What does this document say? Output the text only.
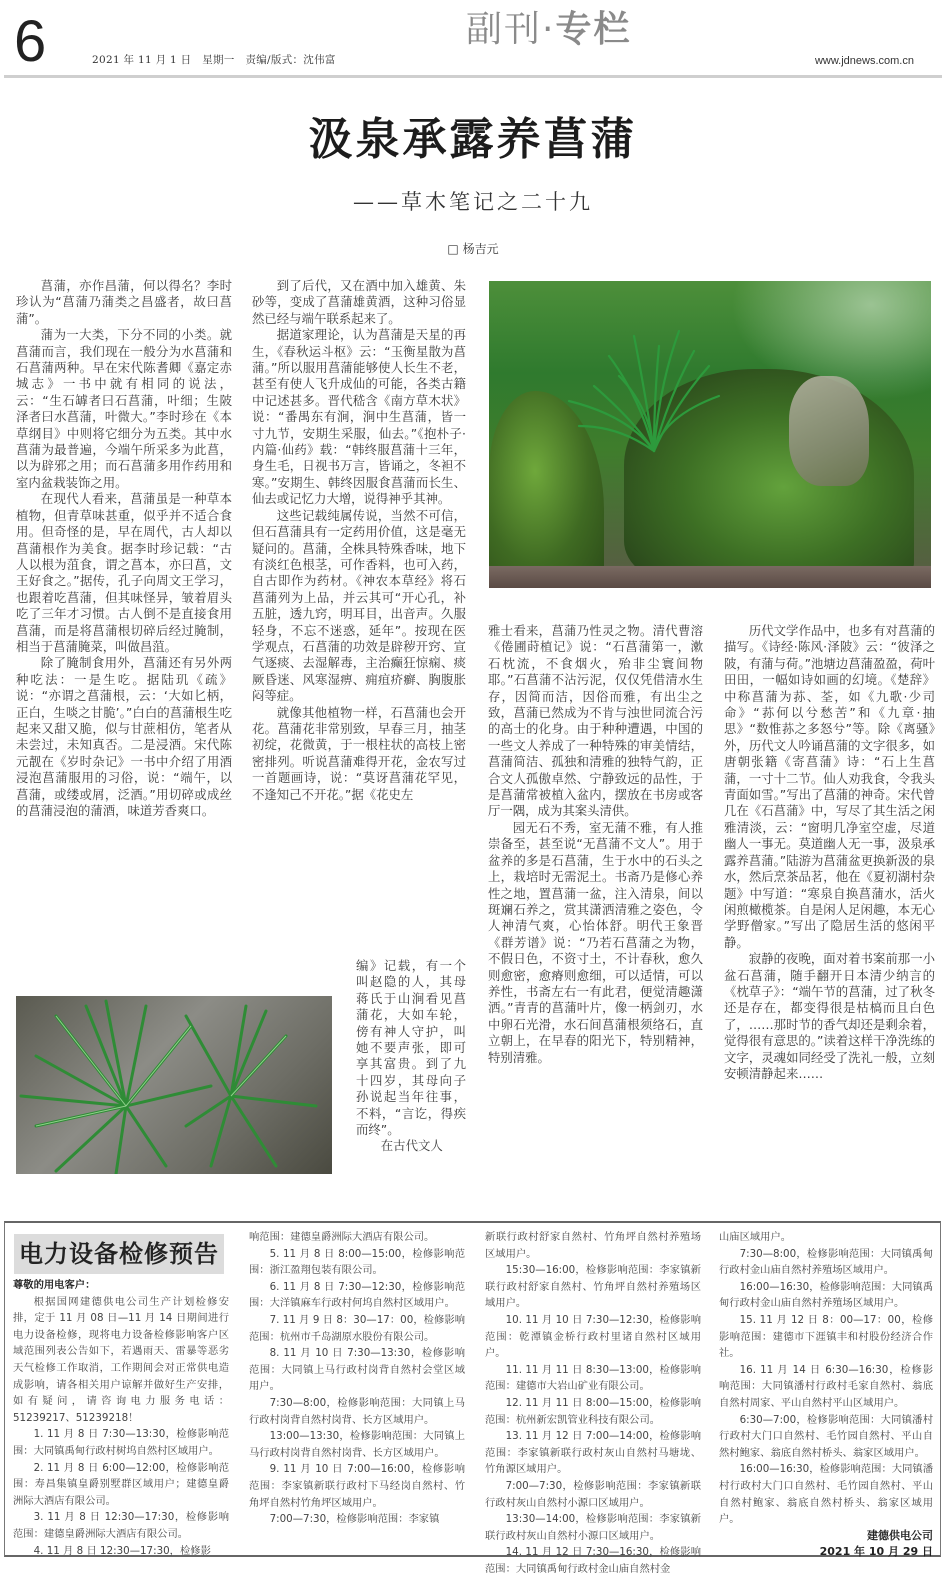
6	2021 年 11 月 1 日　星期一　责编/版式：沈伟富
副刊·专栏
www.jdnews.com.cn
汲泉承露养菖蒲
——草木笔记之二十九
□ 杨吉元

菖蒲，亦作昌蒲，何以得名？李时珍认为“菖蒲乃蒲类之昌盛者，故曰菖蒲”。

蒲为一大类，下分不同的小类。就菖蒲而言，我们现在一般分为水菖蒲和石菖蒲两种。早在宋代陈耆卿《嘉定赤城志》一书中就有相同的说法，云：“生石罅者曰石菖蒲，叶细；生陂泽者曰水菖蒲，叶微大。”李时珍在《本草纲目》中则将它细分为五类。其中水菖蒲为最普遍，今端午所采多为此菖，以为辟邪之用；而石菖蒲多用作药用和室内盆栽装饰之用。

在现代人看来，菖蒲虽是一种草本植物，但青草味甚重，似乎并不适合食用。但奇怪的是，早在周代，古人却以菖蒲根作为美食。据李时珍记载：“古人以根为菹食，谓之菖本，亦曰菖，文王好食之。”据传，孔子向周文王学习，也跟着吃菖蒲，但其味怪异，皱着眉头吃了三年才习惯。古人倒不是直接食用菖蒲，而是将菖蒲根切碎后经过腌制，相当于菖蒲腌菜，叫做昌菹。

除了腌制食用外，菖蒲还有另外两种吃法：一是生吃。据陆玑《疏》说：“亦谓之菖蒲根，云：‘大如匕柄，正白，生啖之甘脆’。”白白的菖蒲根生吃起来又甜又脆，似与甘蔗相仿，笔者从未尝过，未知真否。二是浸酒。宋代陈元靓在《岁时杂记》一书中介绍了用酒浸泡菖蒲服用的习俗，说：“端午，以菖蒲，或缕或屑，泛酒。”用切碎或成丝的菖蒲浸泡的蒲酒，味道芳香爽口。

到了后代，又在酒中加入雄黄、朱砂等，变成了菖蒲雄黄酒，这种习俗显然已经与端午联系起来了。

据道家理论，认为菖蒲是天星的再生，《春秋运斗枢》云：“玉衡星散为菖蒲。”所以服用菖蒲能够使人长生不老，甚至有使人飞升成仙的可能，各类古籍中记述甚多。晋代嵇含《南方草木状》说：“番禺东有涧，涧中生菖蒲，皆一寸九节，安期生采服，仙去。”《抱朴子·内篇·仙药》载：“韩终服菖蒲十三年，身生毛，日视书万言，皆诵之，冬袒不寒。”安期生、韩终因服食菖蒲而长生、仙去或记忆力大增，说得神乎其神。

这些记载纯属传说，当然不可信，但石菖蒲具有一定药用价值，这是毫无疑问的。菖蒲，全株具特殊香味，地下有淡红色根茎，可作香料，也可入药，自古即作为药材。《神农本草经》将石菖蒲列为上品，并云其可“开心孔，补五脏，透九窍，明耳目，出音声。久服轻身，不忘不迷惑，延年”。按现在医学观点，石菖蒲的功效是辟秽开窍、宣气逐痰、去湿解毒，主治癫狂惊痫、痰厥昏迷、风寒湿痹、痈疽疥癣、胸腹胀闷等症。

就像其他植物一样，石菖蒲也会开花。菖蒲花非常别致，早春三月，抽茎初绽，花微黄，于一根柱状的高枝上密密排列。听说菖蒲难得开花，金农写过一首题画诗，说：“莫讶菖蒲花罕见，不逢知己不开花。”据《花史左

编》记载，有一个叫赵隐的人，其母蒋氏于山涧看见菖蒲花，大如车轮，傍有神人守护，叫她不要声张，即可享其富贵。到了九十四岁，其母向子孙说起当年往事，不料，“言讫，得疾而终”。

在古代文人

雅士看来，菖蒲乃性灵之物。清代曹溶《倦圃莳植记》说：“石菖蒲第一，漱石枕流，不食烟火，殆非尘寰间物耶。”石菖蒲不沾污泥，仅仅凭借清水生存，因简而洁，因俗而雅，有出尘之致，菖蒲已然成为不肯与浊世同流合污的高士的化身。由于种种遭遇，中国的一些文人养成了一种特殊的审美情结，菖蒲简洁、孤独和清雅的独特气韵，正合文人孤傲卓然、宁静致远的品性，于是菖蒲常被植入盆内，摆放在书房或客厅一隅，成为其案头清供。

园无石不秀，室无蒲不雅，有人推崇备至，甚至说“无菖蒲不文人”。用于盆养的多是石菖蒲，生于水中的石头之上，栽培时无需泥土。书斋乃是修心养性之地，置菖蒲一盆，注入清泉，间以斑斓石养之，赏其潇洒清雅之姿色，令人神清气爽，心怡体舒。明代王象晋《群芳谱》说：“乃若石菖蒲之为物，不假日色，不资寸土，不计春秋，愈久则愈密，愈瘠则愈细，可以适情，可以养性，书斋左右一有此君，便觉清趣潇洒。”青青的菖蒲叶片，像一柄剑刃，水中卵石光滑，水石间菖蒲根须络石，直立朝上，在早春的阳光下，特别精神，特别清雅。

历代文学作品中，也多有对菖蒲的描写。《诗经·陈风·泽陂》云：“彼泽之陂，有蒲与荷。”池塘边菖蒲盈盈，荷叶田田，一幅如诗如画的幻境。《楚辞》中称菖蒲为荪、荃，如《九歌·少司命》“荪何以兮愁苦”和《九章·抽思》“数惟荪之多怒兮”等。除《离骚》外，历代文人吟诵菖蒲的文字很多，如唐朝张籍《寄菖蒲》诗：“石上生菖蒲，一寸十二节。仙人劝我食，令我头青面如雪。”写出了菖蒲的神奇。宋代曾几在《石菖蒲》中，写尽了其生活之闲雅清淡，云：“窗明几净室空虚，尽道幽人一事无。莫道幽人无一事，汲泉承露养菖蒲。”陆游为菖蒲盆更换新汲的泉水，然后烹茶品茗，他在《夏初湖村杂题》中写道：“寒泉自换菖蒲水，活火闲煎橄榄茶。自是闲人足闲趣，本无心学野僧家。”写出了隐居生活的悠闲平静。

寂静的夜晚，面对着书案前那一小盆石菖蒲，随手翻开日本清少纳言的《枕草子》：“端午节的菖蒲，过了秋冬还是存在，都变得很是枯槁而且白色了，……那时节的香气却还是剩余着，觉得很有意思的。”读着这样干净洗练的文字，灵魂如同经受了洗礼一般，立刻安顿清静起来……

电力设备检修预告

尊敬的用电客户：

根据国网建德供电公司生产计划检修安排，定于 11 月 08 日—11 月 14 日期间进行电力设备检修，现将电力设备检修影响客户区域范围列表公告如下，若遇雨天、雷暴等恶劣天气检修工作取消，工作期间会对正常供电造成影响，请各相关用户谅解并做好生产安排，如有疑问，请咨询电力服务电话：51239217、51239218！

1. 11 月 8 日 7:30—13:30，检修影响范围：大同镇禹甸行政村树坞自然村区域用户。

2. 11 月 8 日 6:00—12:00，检修影响范围：寿昌集镇皇爵别墅群区域用户；建德皇爵洲际大酒店有限公司。

3. 11 月 8 日 12:30—17:30，检修影响范围：建德皇爵洲际大酒店有限公司。

4. 11 月 8 日 12:30—17:30，检修影

响范围：建德皇爵洲际大酒店有限公司。

5. 11 月 8 日 8:00—15:00，检修影响范围：浙江盈翔包装有限公司。

6. 11 月 8 日 7:30—12:30，检修影响范围：大洋镇麻车行政村何坞自然村区域用户。

7. 11 月 9 日 8：30—17：00，检修影响范围：杭州市千岛湖原水股份有限公司。

8. 11 月 10 日 7:30—13:30，检修影响范围：大同镇上马行政村岗背自然村会堂区域用户。

7:30—8:00，检修影响范围：大同镇上马行政村岗背自然村岗背、长方区域用户。

13:00—13:30，检修影响范围：大同镇上马行政村岗背自然村岗背、长方区域用户。

9. 11 月 10 日 7:00—16:00，检修影响范围：李家镇新联行政村下马经岗自然村、竹角坪自然村竹角坪区域用户。

7:00—7:30，检修影响范围：李家镇

新联行政村舒家自然村、竹角坪自然村养殖场区域用户。

15:30—16:00，检修影响范围：李家镇新联行政村舒家自然村、竹角坪自然村养殖场区域用户。

10. 11 月 10 日 7:30—12:30，检修影响范围：乾潭镇金桥行政村里诸自然村区域用户。

11. 11 月 11 日 8:30—13:00，检修影响范围：建德市大岩山矿业有限公司。

12. 11 月 11 日 8:00—15:00，检修影响范围：杭州新宏凯管业科技有限公司。

13. 11 月 12 日 7:00—14:00，检修影响范围：李家镇新联行政村灰山自然村马塘垅、竹角源区域用户。

7:00—7:30，检修影响范围：李家镇新联行政村灰山自然村小源口区域用户。

13:30—14:00，检修影响范围：李家镇新联行政村灰山自然村小源口区域用户。

14. 11 月 12 日 7:30—16:30，检修影响范围：大同镇禹甸行政村金山庙自然村金

山庙区域用户。

7:30—8:00，检修影响范围：大同镇禹甸行政村金山庙自然村养殖场区域用户。

16:00—16:30，检修影响范围：大同镇禹甸行政村金山庙自然村养殖场区域用户。

15. 11 月 12 日 8：00—17：00，检修影响范围：建德市下涯镇丰和村股份经济合作社。

16. 11 月 14 日 6:30—16:30，检修影响范围：大同镇潘村行政村毛家自然村、翁底自然村周家、平山自然村平山区域用户。

6:30—7:00，检修影响范围：大同镇潘村行政村大门口自然村、毛竹园自然村、平山自然村鲍家、翁底自然村桥头、翁家区域用户。

16:00—16:30，检修影响范围：大同镇潘村行政村大门口自然村、毛竹园自然村、平山自然村鲍家、翁底自然村桥头、翁家区域用户。

建德供电公司

2021 年 10 月 29 日
